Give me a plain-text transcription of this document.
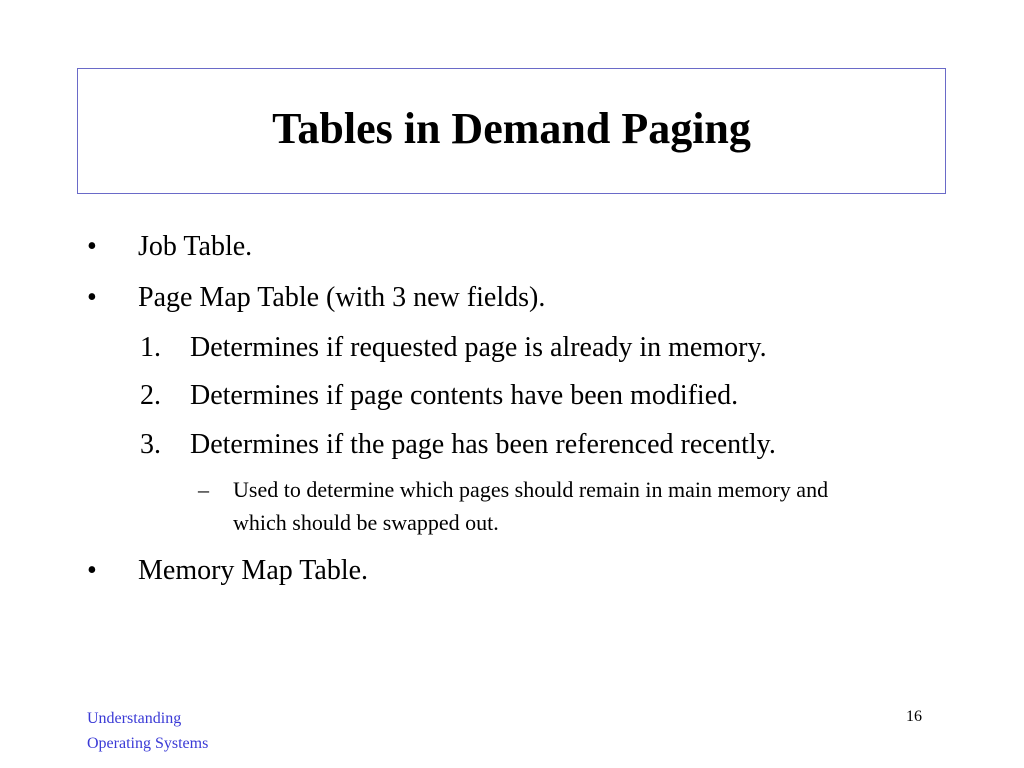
Tables in Demand Paging
• Job Table.
• Page Map Table (with 3 new fields).
1. Determines if requested page is already in memory.
2. Determines if page contents have been modified.
3. Determines if the page has been referenced recently.
– Used to determine which pages should remain in main memory and which should be swapped out.
• Memory Map Table.
Understanding
Operating Systems
16
